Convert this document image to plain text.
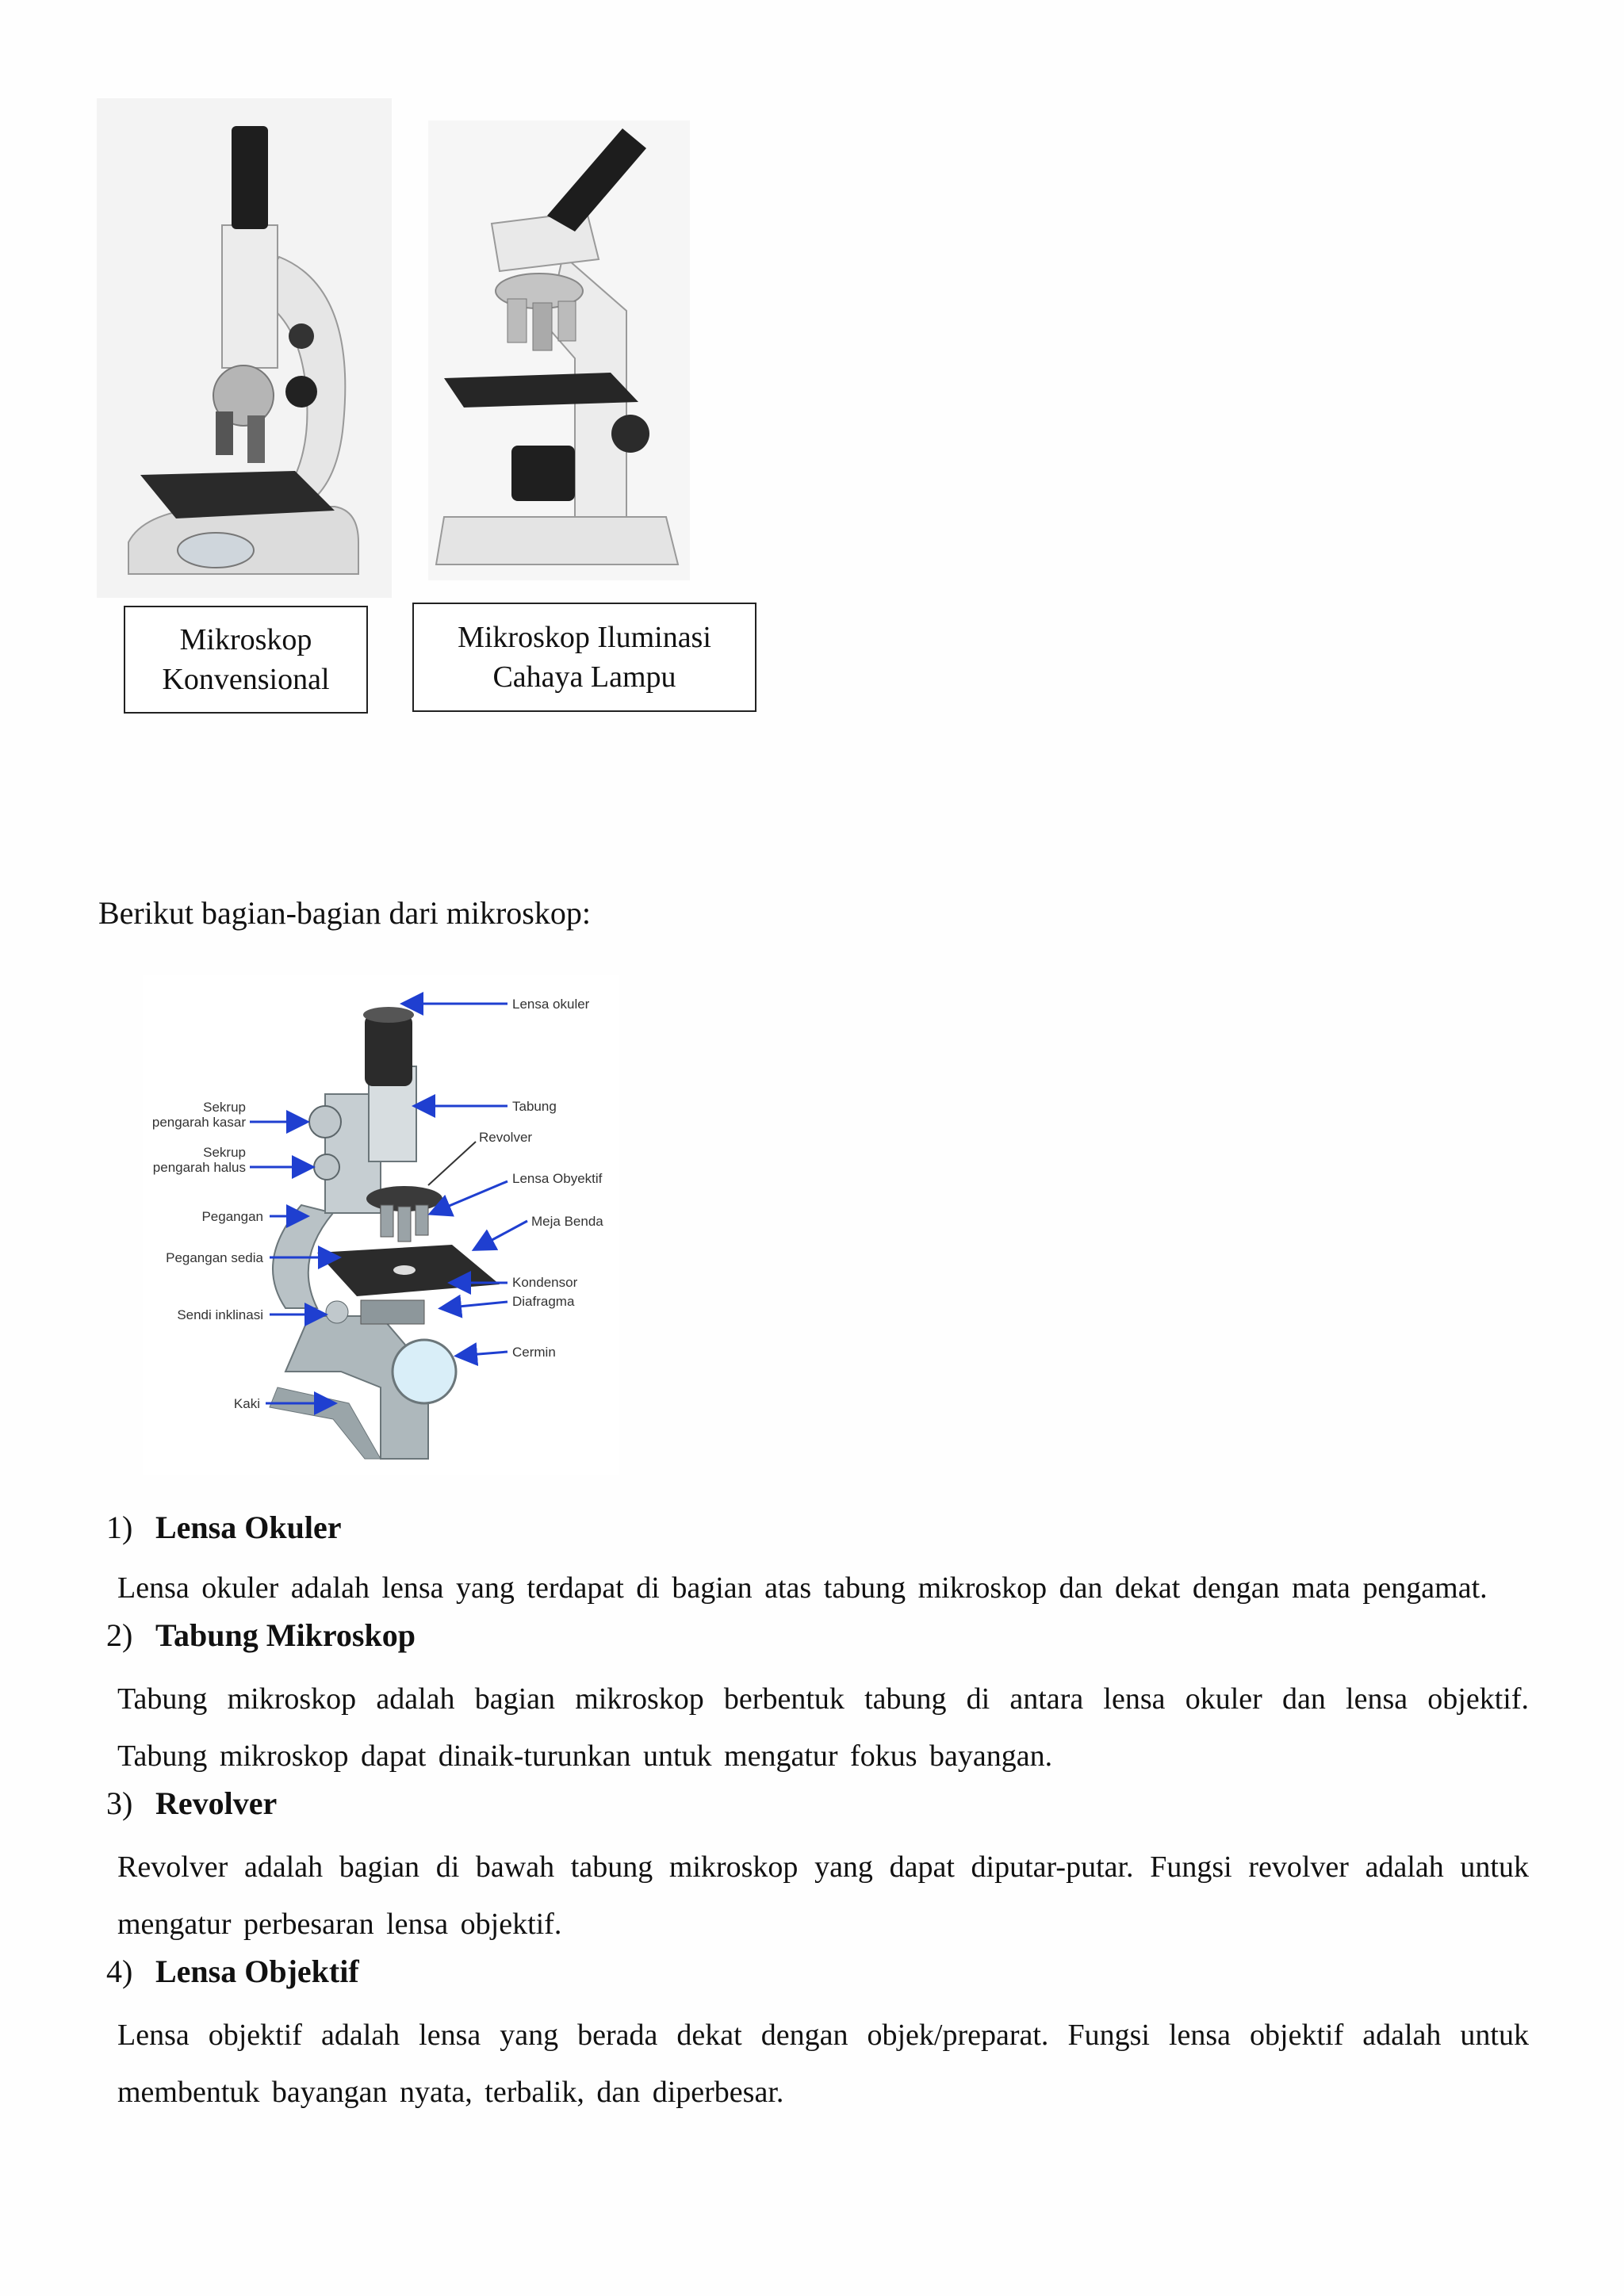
Mikroskop
Konvensional
Mikroskop Iluminasi
Cahaya Lampu
Berikut bagian-bagian dari mikroskop:
Lensa okuler
Tabung
Revolver
Lensa Obyektif
Meja Benda
Kondensor
Diafragma
Cermin
Sekrup
pengarah kasar
Sekrup
pengarah halus
Pegangan
Pegangan sedia
Sendi inklinasi
Kaki
1) Lensa Okuler
Lensa okuler adalah lensa yang terdapat di bagian atas tabung mikroskop dan dekat dengan mata pengamat.
2) Tabung Mikroskop
Tabung mikroskop adalah bagian mikroskop berbentuk tabung di antara lensa okuler dan lensa objektif. Tabung mikroskop dapat dinaik-turunkan untuk mengatur fokus bayangan.
3) Revolver
Revolver adalah bagian di bawah tabung mikroskop yang dapat diputar-putar. Fungsi revolver adalah untuk mengatur perbesaran lensa objektif.
4) Lensa Objektif
Lensa objektif adalah lensa yang berada dekat dengan objek/preparat. Fungsi lensa objektif adalah untuk membentuk bayangan nyata, terbalik, dan diperbesar.
